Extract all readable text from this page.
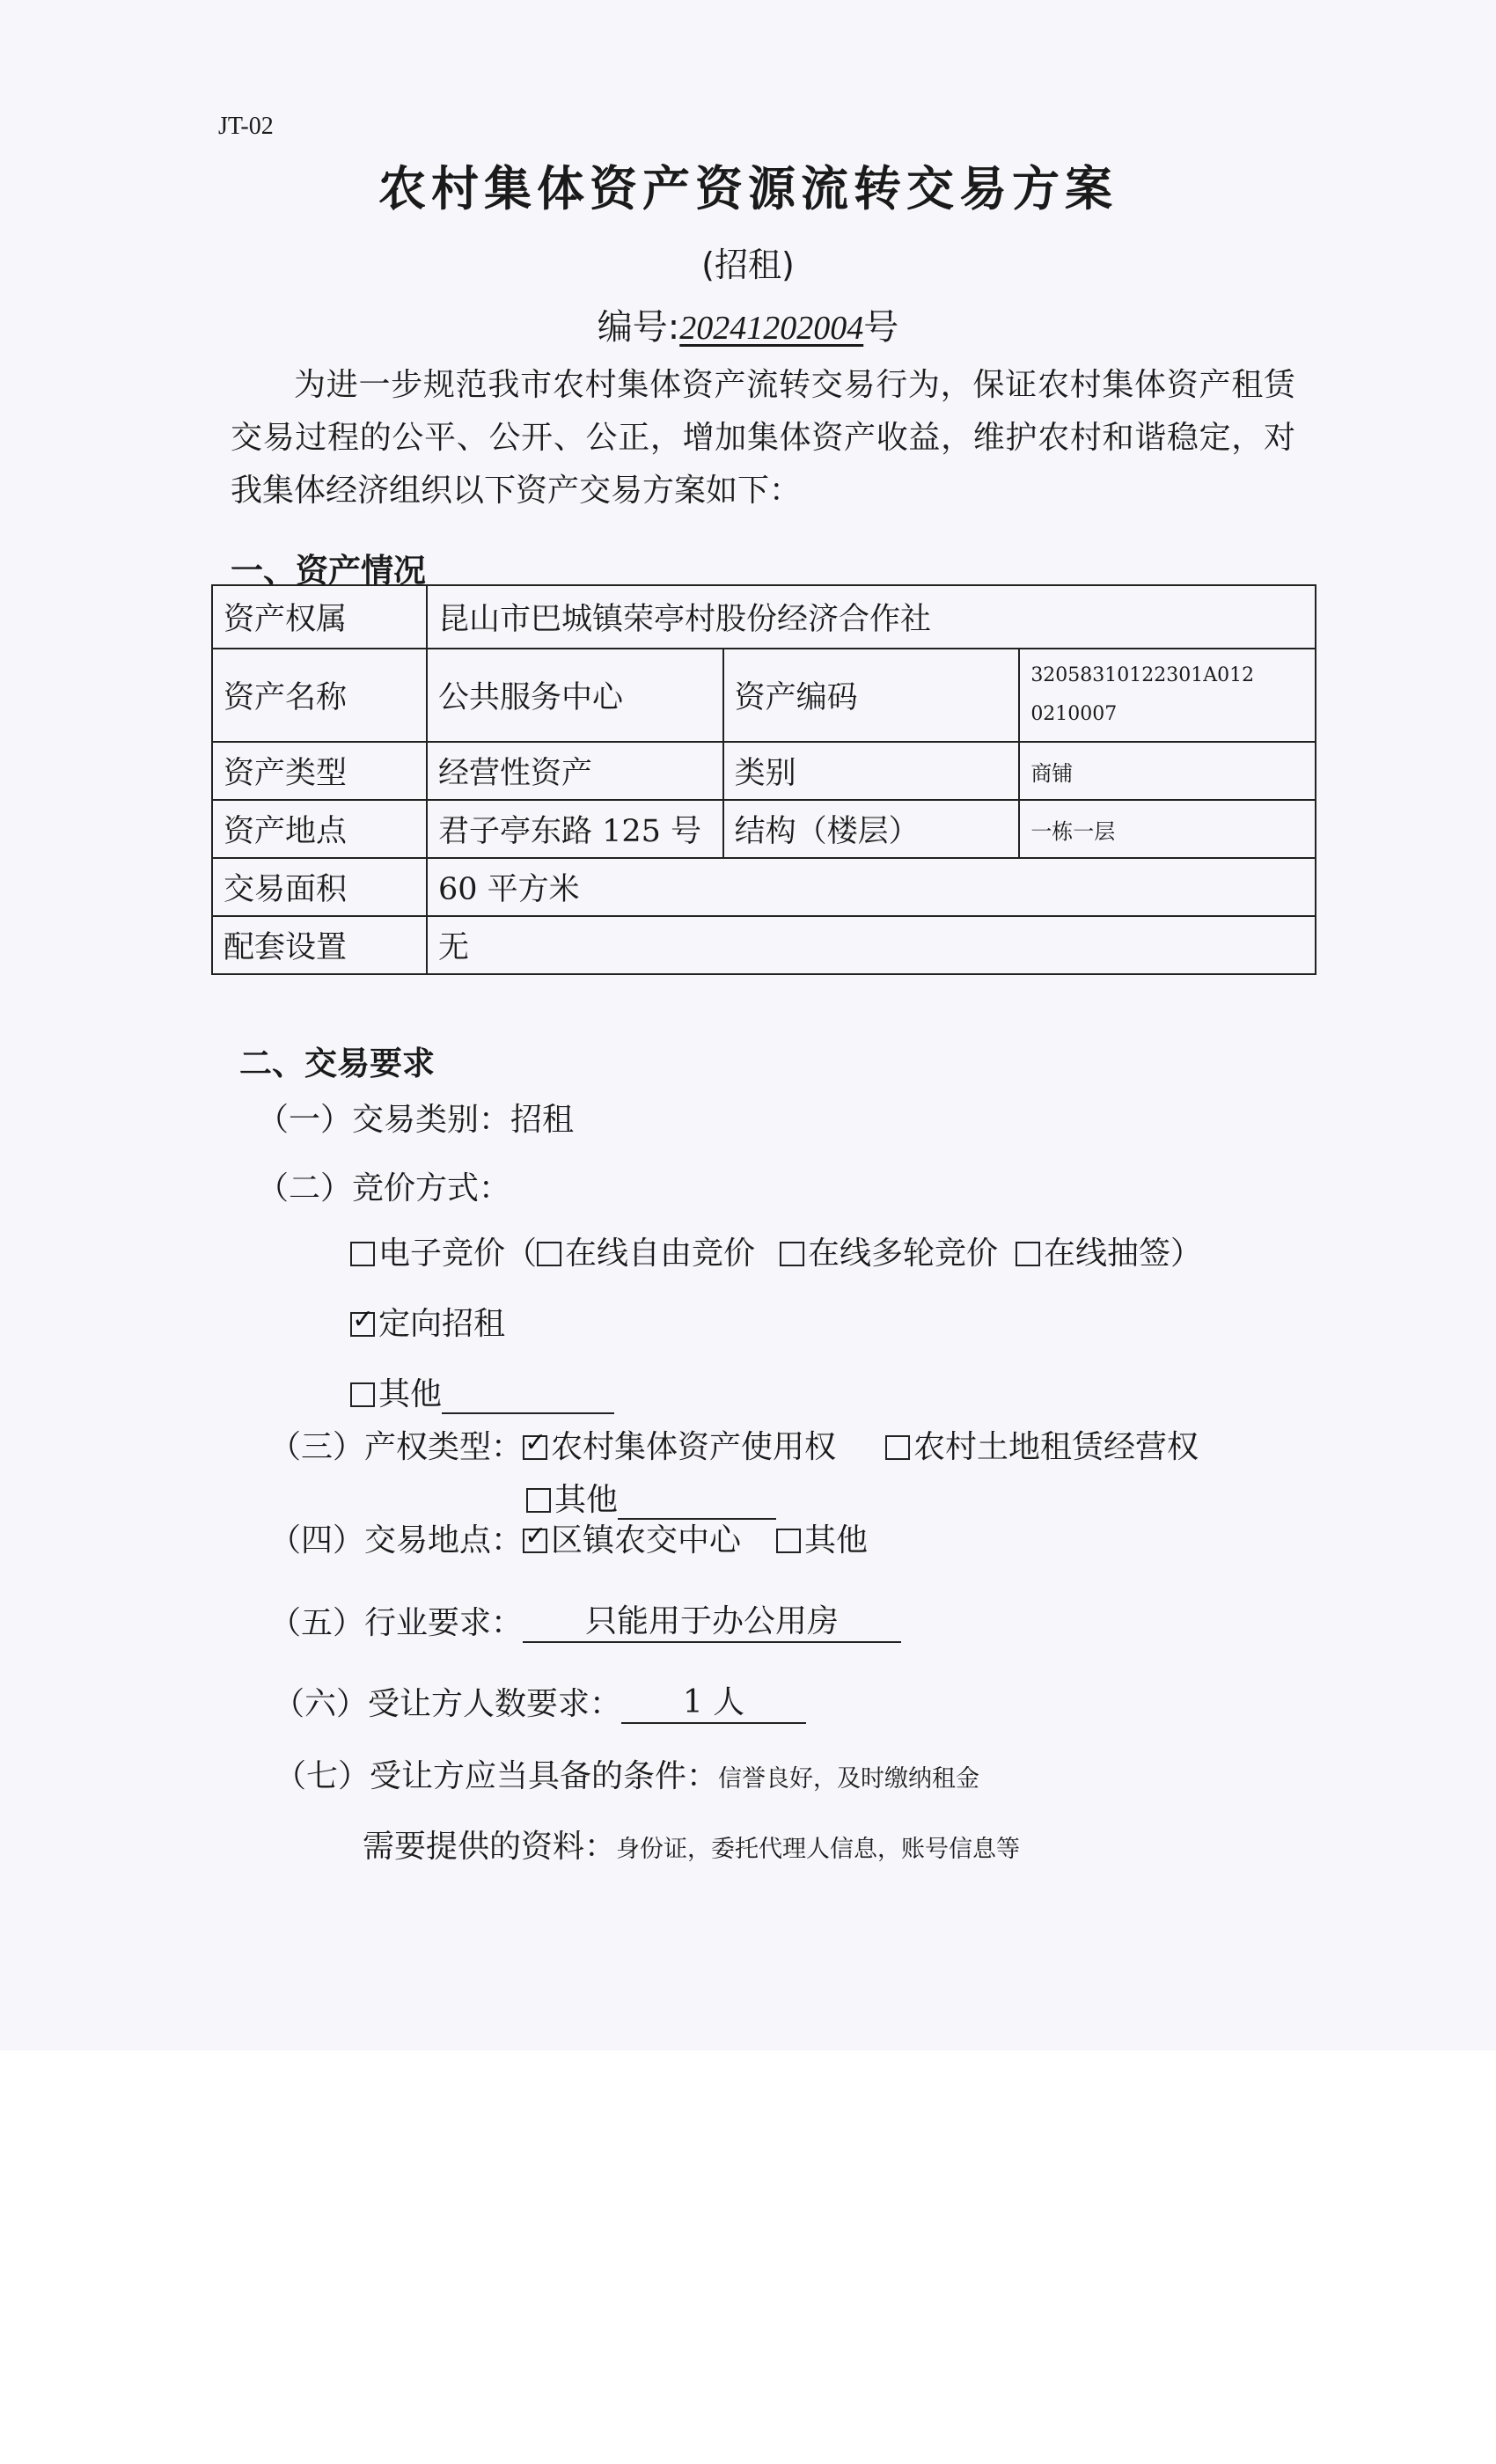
JT-02
农村集体资产资源流转交易方案
(招租)
编号:20241202004号
为进一步规范我市农村集体资产流转交易行为，保证农村集体资产租赁交易过程的公平、公开、公正，增加集体资产收益，维护农村和谐稳定，对我集体经济组织以下资产交易方案如下：
一、资产情况
资产权属	昆山市巴城镇荣亭村股份经济合作社		
资产名称	公共服务中心	资产编码	32058310122301A012
0210007

资产类型	经营性资产	类别	商铺
资产地点	君子亭东路 125 号	结构（楼层）	一栋一层
交易面积	60 平方米		
配套设置	无		
二、交易要求
（一）交易类别：招租
（二）竞价方式：
电子竞价（ 在线自由竞价 在线多轮竞价 在线抽签）
✓定向招租
其他
（三）产权类型： ✓ 农村集体资产使用权 农村土地租赁经营权
其他
（四）交易地点： ✓ 区镇农交中心 其他
（五）行业要求： 只能用于办公用房
（六）受让方人数要求： 1 人
（七）受让方应当具备的条件：信誉良好，及时缴纳租金
需要提供的资料：身份证，委托代理人信息，账号信息等
